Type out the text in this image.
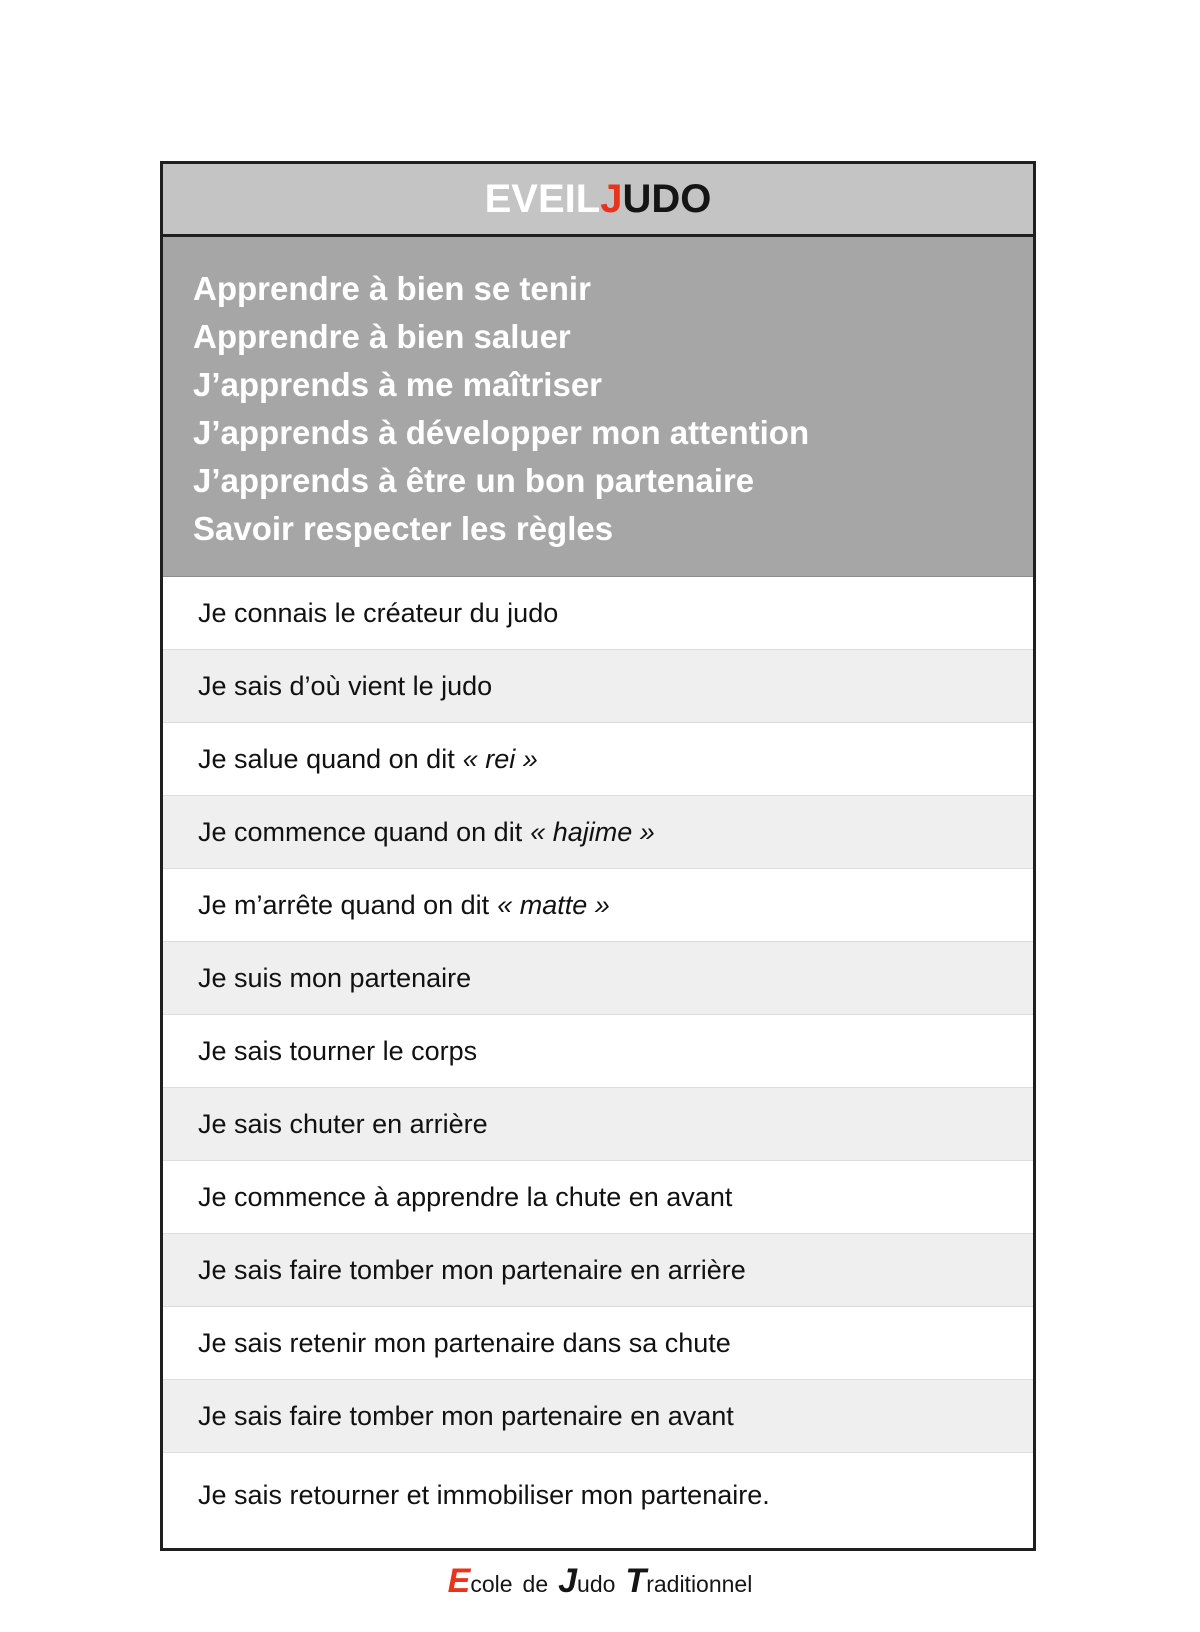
EVEIL J UDO
Apprendre à bien se tenir
Apprendre à bien saluer
J’apprends à me maîtriser
J’apprends à développer mon attention
J’apprends à être un bon partenaire
Savoir respecter les règles
Je connais le créateur du judo
Je sais d’où vient le judo
Je salue quand on dit « rei »
Je commence quand on dit « hajime »
Je m’arrête quand on dit « matte »
Je suis mon partenaire
Je sais tourner le corps
Je sais chuter en arrière
Je commence à apprendre la chute en avant
Je sais faire tomber mon partenaire en arrière
Je sais retenir mon partenaire dans sa chute
Je sais faire tomber mon partenaire en avant
Je sais retourner et immobiliser mon partenaire.
E cole de J udo T raditionnel
